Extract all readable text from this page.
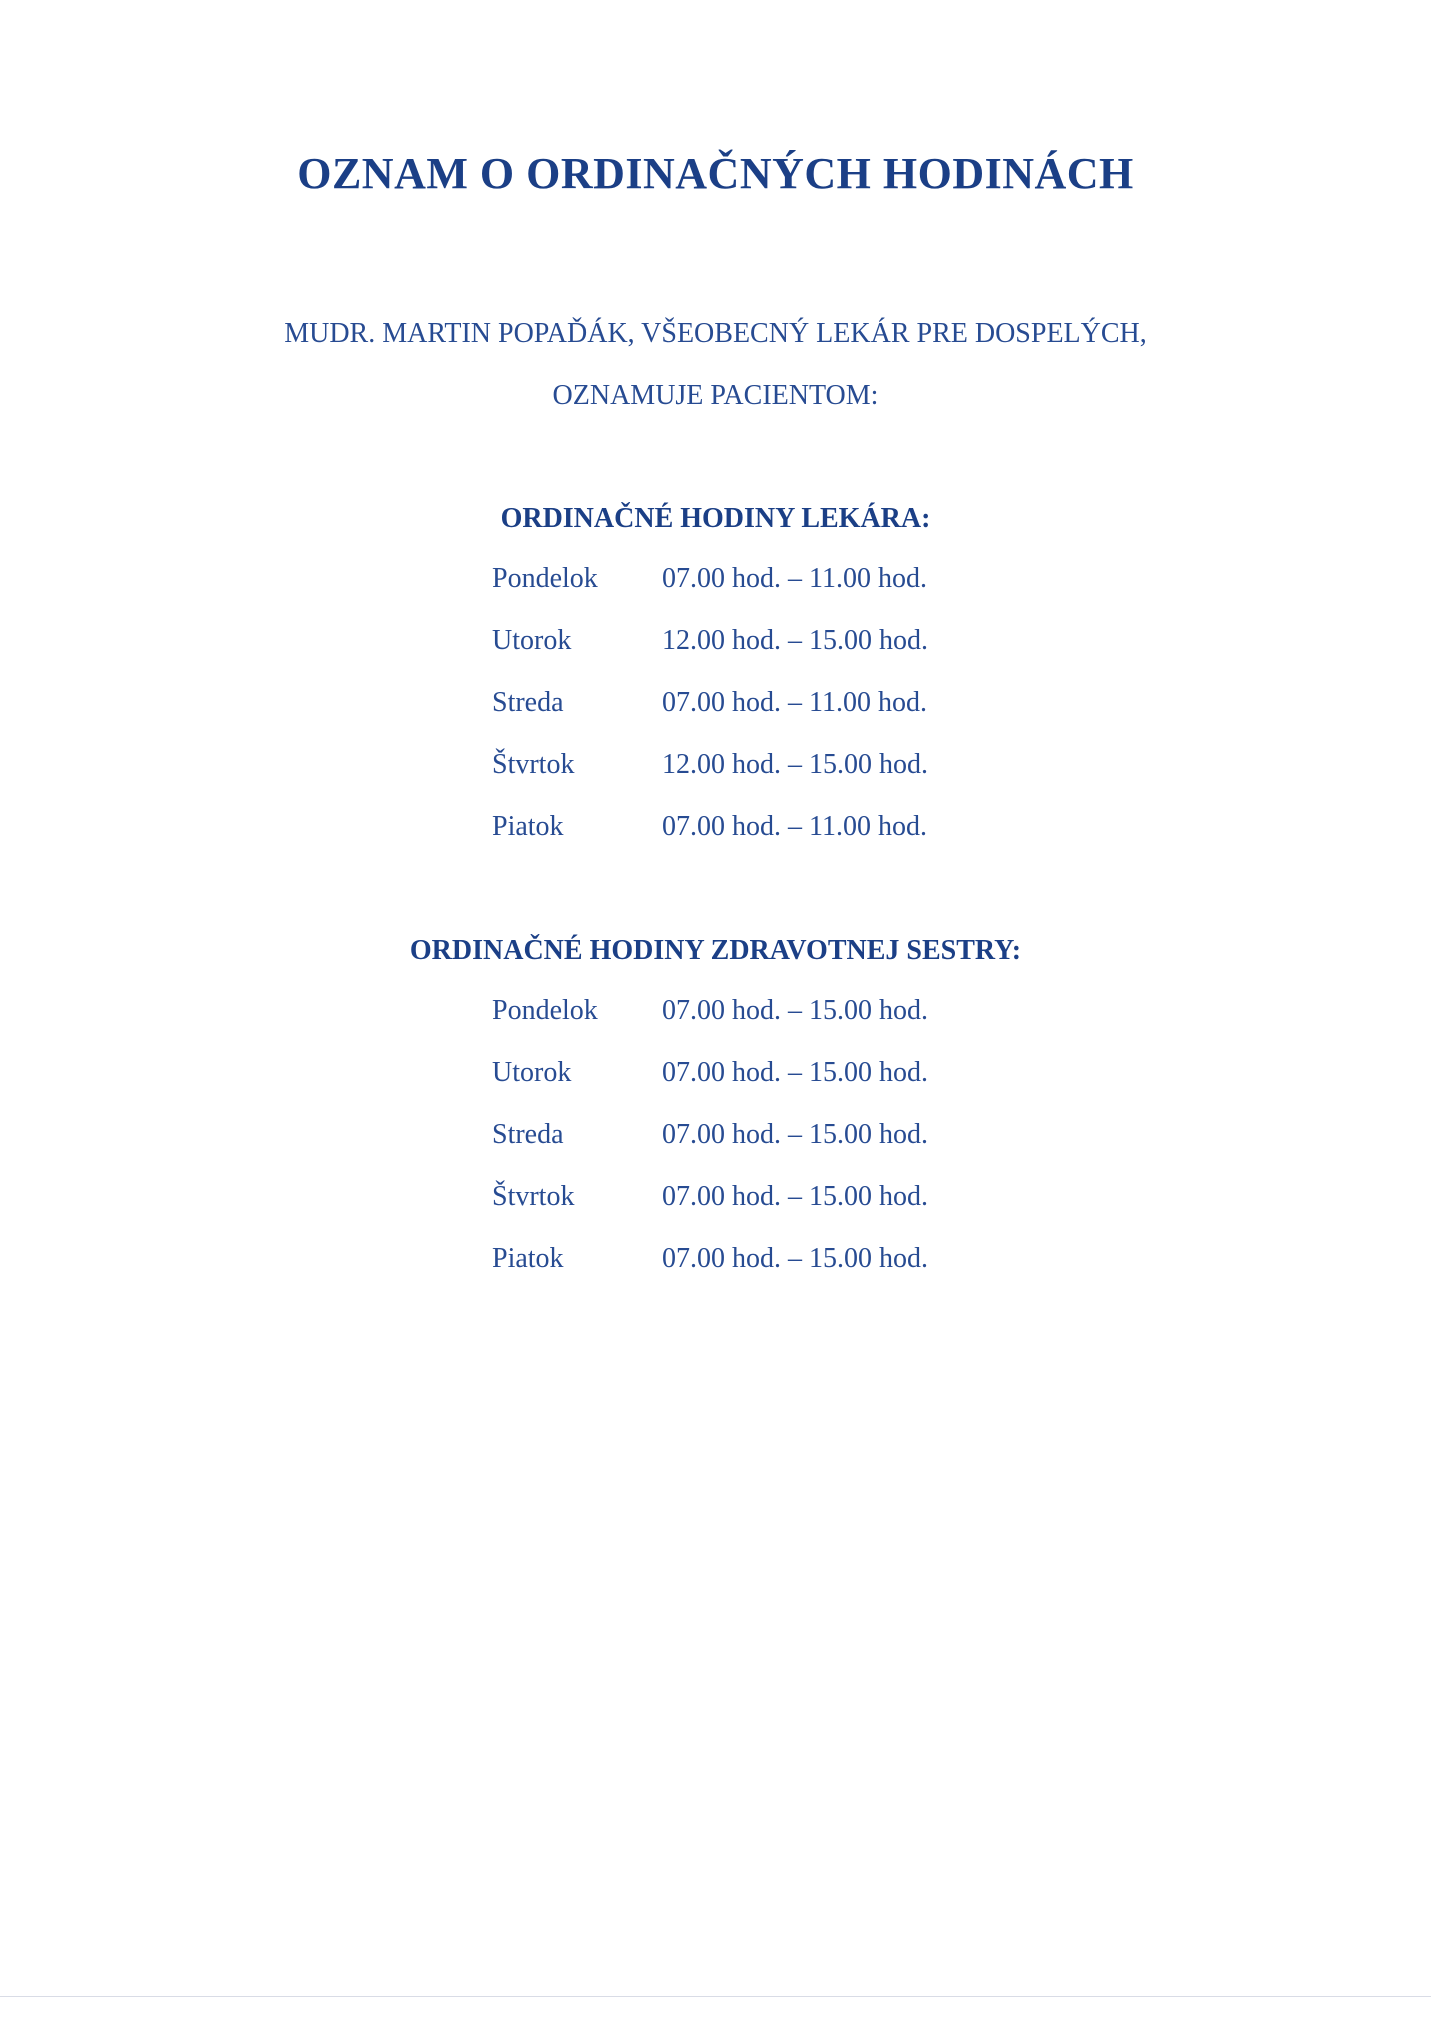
OZNAM O ORDINAČNÝCH HODINÁCH
MUDR. MARTIN POPAĎÁK, VŠEOBECNÝ LEKÁR PRE DOSPELÝCH,
OZNAMUJE PACIENTOM:
ORDINAČNÉ HODINY LEKÁRA:
Pondelok 07.00 hod. – 11.00 hod.
Utorok	12.00 hod. – 15.00 hod.
Streda	07.00 hod. – 11.00 hod.
Štvrtok	12.00 hod. – 15.00 hod.
Piatok	07.00 hod. – 11.00 hod.
ORDINAČNÉ HODINY ZDRAVOTNEJ SESTRY:
Pondelok 07.00 hod. – 15.00 hod.
Utorok	07.00 hod. – 15.00 hod.
Streda	07.00 hod. – 15.00 hod.
Štvrtok	07.00 hod. – 15.00 hod.
Piatok	07.00 hod. – 15.00 hod.
